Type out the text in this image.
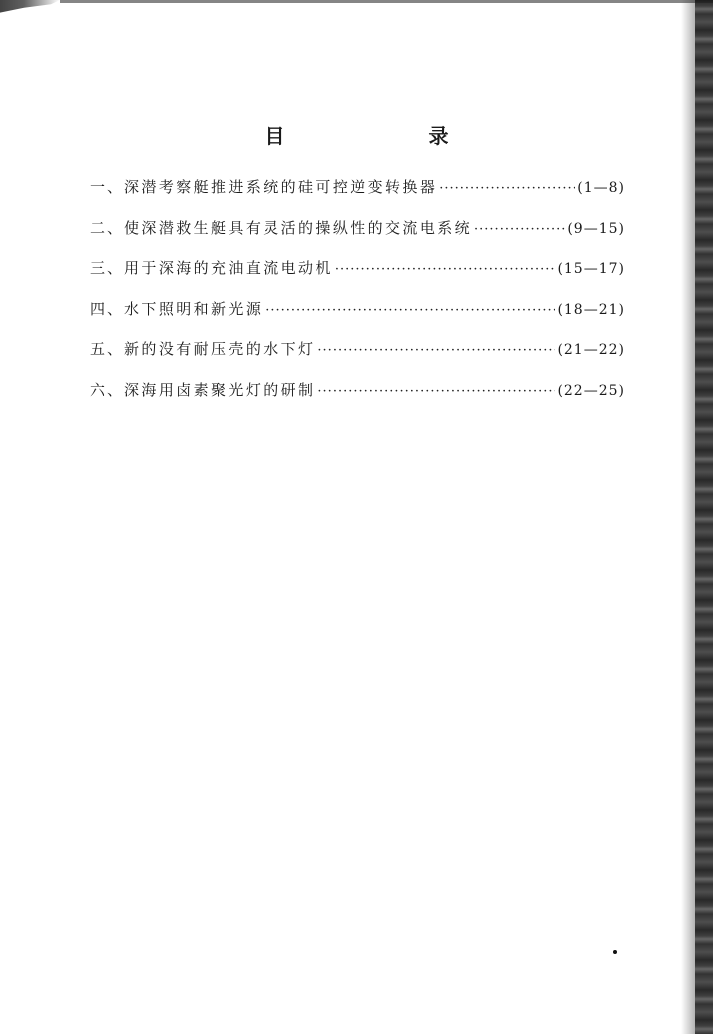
目　录
一、 深潜考察艇推进系统的硅可控逆变转换器 ·····	(1—8)
二、 使深潜救生艇具有灵活的操纵性的交流电系统 ·····	(9—15)
三、 用于深海的充油直流电动机 ·····	(15—17)
四、 水下照明和新光源 ·····	(18—21)
五、 新的没有耐压壳的水下灯 ·····	(21—22)
六、 深海用卤素聚光灯的研制 ·····	(22—25)
